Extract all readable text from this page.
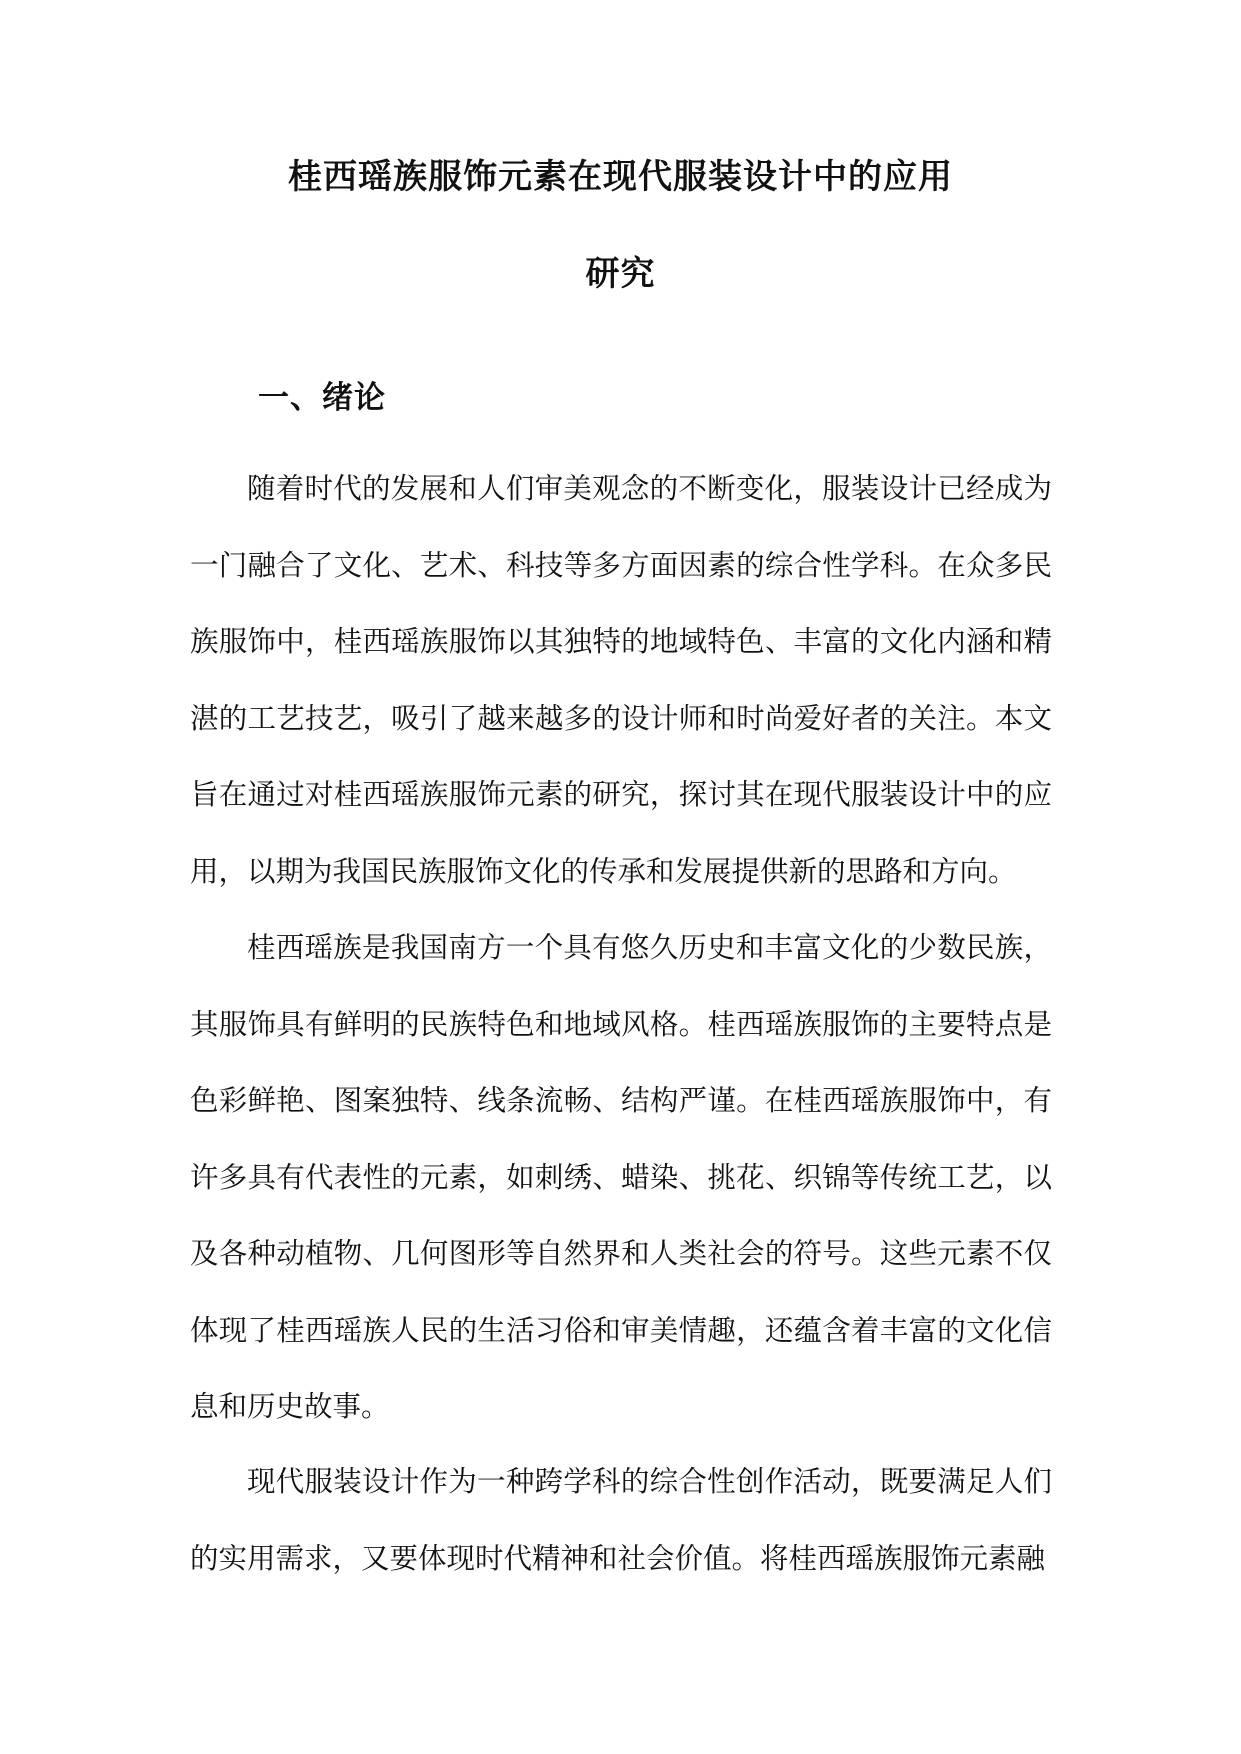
桂西瑶族服饰元素在现代服装设计中的应用
研究
一、绪论

随着时代的发展和人们审美观念的不断变化，服装设计已经成为一门融合了文化、艺术、科技等多方面因素的综合性学科。在众多民族服饰中，桂西瑶族服饰以其独特的地域特色、丰富的文化内涵和精湛的工艺技艺，吸引了越来越多的设计师和时尚爱好者的关注。本文旨在通过对桂西瑶族服饰元素的研究，探讨其在现代服装设计中的应用，以期为我国民族服饰文化的传承和发展提供新的思路和方向。

桂西瑶族是我国南方一个具有悠久历史和丰富文化的少数民族，其服饰具有鲜明的民族特色和地域风格。桂西瑶族服饰的主要特点是色彩鲜艳、图案独特、线条流畅、结构严谨。在桂西瑶族服饰中，有许多具有代表性的元素，如刺绣、蜡染、挑花、织锦等传统工艺，以及各种动植物、几何图形等自然界和人类社会的符号。这些元素不仅体现了桂西瑶族人民的生活习俗和审美情趣，还蕴含着丰富的文化信息和历史故事。

现代服装设计作为一种跨学科的综合性创作活动，既要满足人们的实用需求，又要体现时代精神和社会价值。将桂西瑶族服饰元素融
